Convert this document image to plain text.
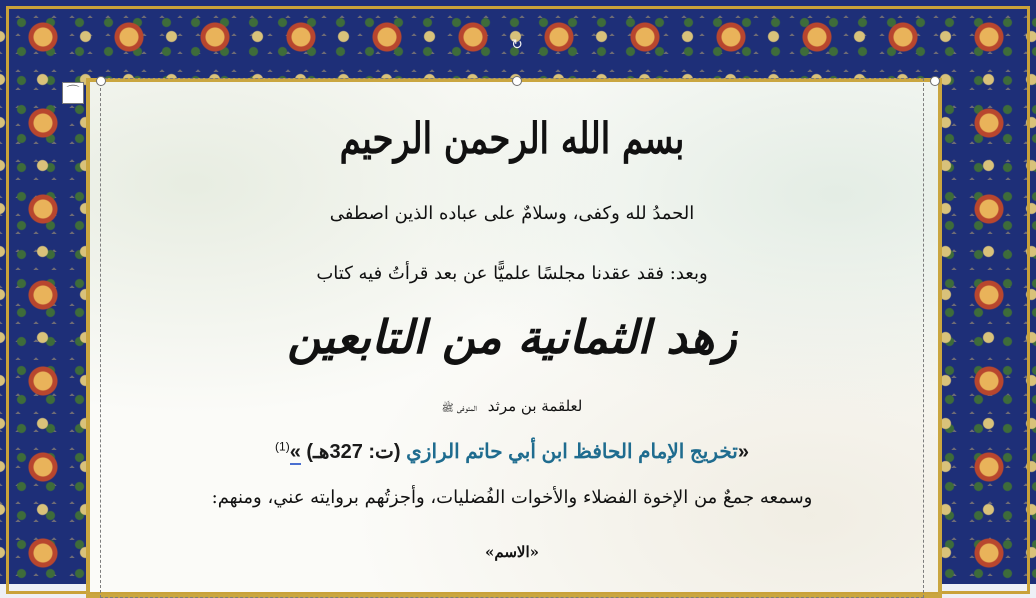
بسم الله الرحمن الرحيم
الحمدُ لله وكفى، وسلامٌ على عباده الذين اصطفى
وبعد: فقد عقدنا مجلسًا علميًّا عن بعد قرأتُ فيه كتاب
زهد الثمانية من التابعين
لعلقمة بن مرثد المتوفى ﷺ
«تخريج الإمام الحافظ ابن أبي حاتم الرازي (ت: 327هـ) »$^{(1)}$
وسمعه جمعٌ من الإخوة الفضلاء والأخوات الفُضليات، وأجزتُهم بروايته عني، ومنهم:
«الاسم»
↻
⌒
